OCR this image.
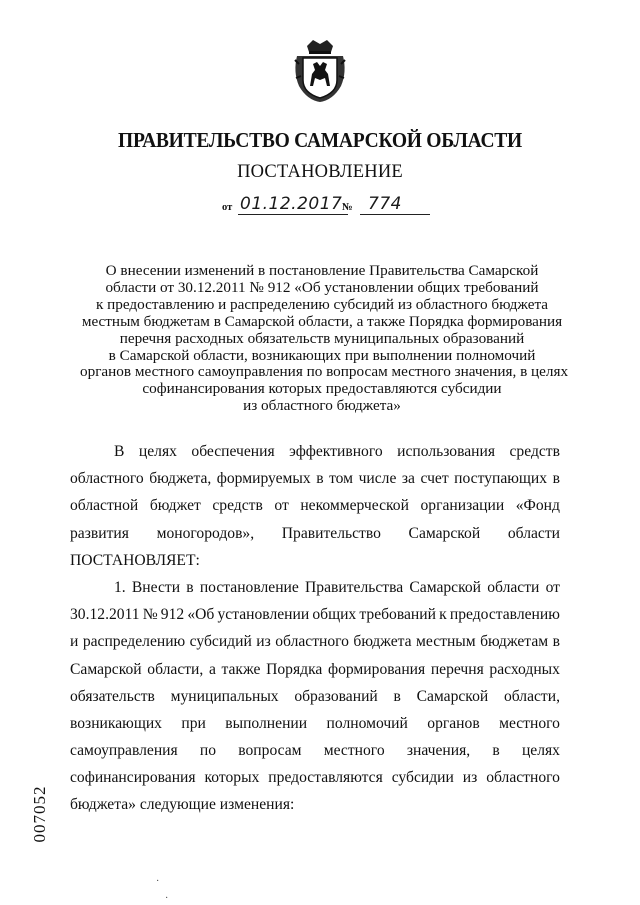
ПРАВИТЕЛЬСТВО САМАРСКОЙ ОБЛАСТИ
ПОСТАНОВЛЕНИЕ
от 01.12.2017 № 774
О внесении изменений в постановление Правительства Самарской
области от 30.12.2011 № 912 «Об установлении общих требований
к предоставлению и распределению субсидий из областного бюджета
местным бюджетам в Самарской области, а также Порядка формирования
перечня расходных обязательств муниципальных образований
в Самарской области, возникающих при выполнении полномочий
органов местного самоуправления по вопросам местного значения, в целях
софинансирования которых предоставляются субсидии
из областного бюджета»
В целях обеспечения эффективного использования средств
областного бюджета, формируемых в том числе за счет поступающих в
областной бюджет средств от некоммерческой организации «Фонд
развития моногородов», Правительство Самарской области
ПОСТАНОВЛЯЕТ:
1. Внести в постановление Правительства Самарской области от
30.12.2011 № 912 «Об установлении общих требований к предоставлению
и распределению субсидий из областного бюджета местным бюджетам в
Самарской области, а также Порядка формирования перечня расходных
обязательств муниципальных образований в Самарской области,
возникающих при выполнении полномочий органов местного
самоуправления по вопросам местного значения, в целях
софинансирования которых предоставляются субсидии из областного
бюджета» следующие изменения:
007052
·
·
